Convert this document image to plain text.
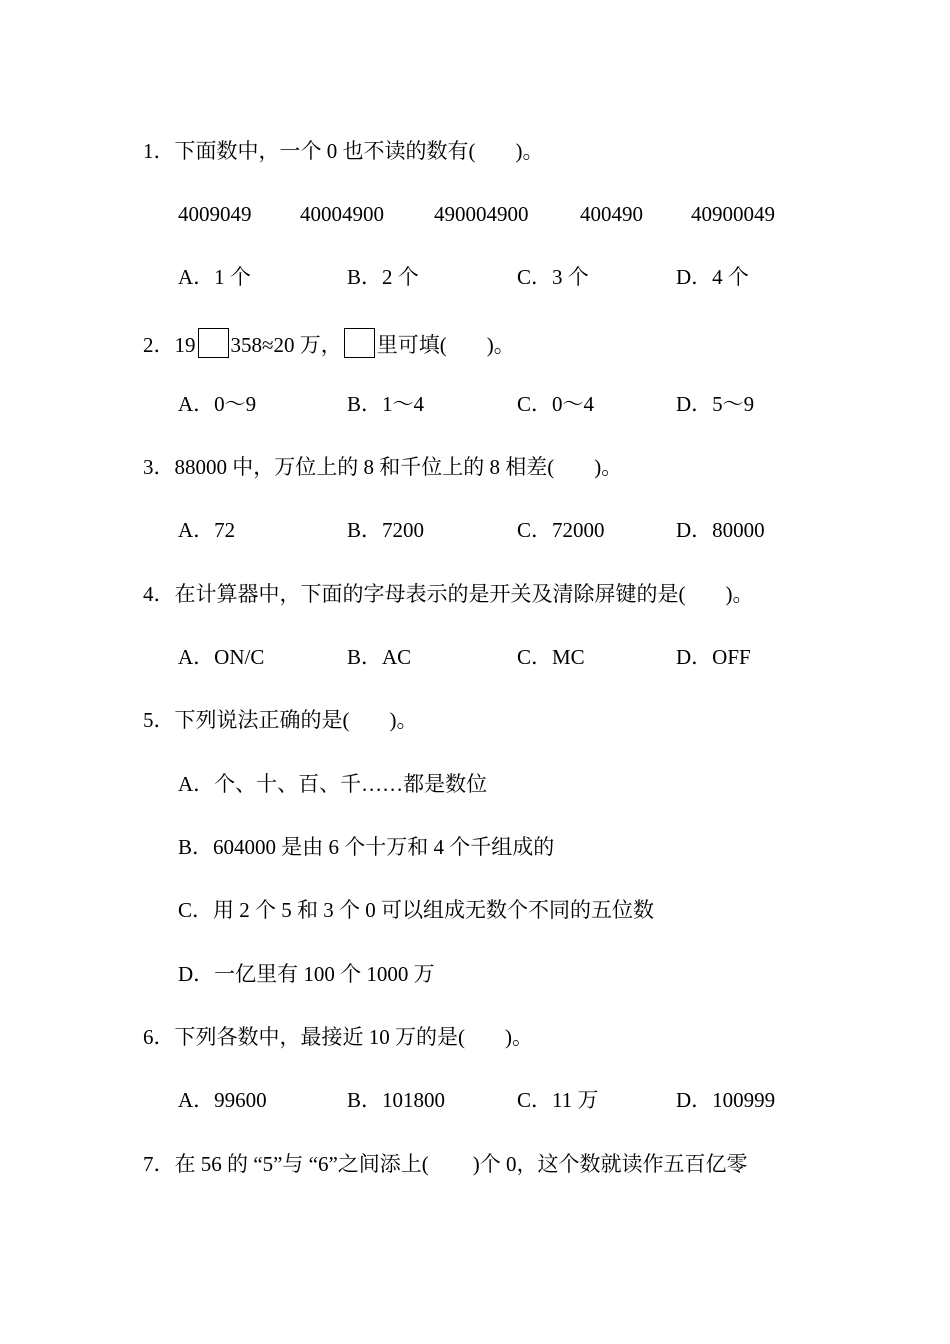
1．下面数中，一个 0 也不读的数有( )。
4009049 40004900 490004900 400490 40900049
A．1 个	B．2 个	C．3 个	D．4 个
2．19 358≈20 万， 里可填( )。
A．0～9	B．1～4	C．0～4	D．5～9
3．88000 中，万位上的 8 和千位上的 8 相差( )。
A．72	B．7200	C．72000	D．80000
4．在计算器中，下面的字母表示的是开关及清除屏键的是( )。
A．ON/C	B．AC	C．MC	D．OFF
5．下列说法正确的是( )。
A．个、十、百、千……都是数位
B．604000 是由 6 个十万和 4 个千组成的
C．用 2 个 5 和 3 个 0 可以组成无数个不同的五位数
D．一亿里有 100 个 1000 万
6．下列各数中，最接近 10 万的是( )。
A．99600	B．101800	C．11 万	D．100999
7．在 56 的 “5”与 “6”之间添上( )个 0，这个数就读作五百亿零
